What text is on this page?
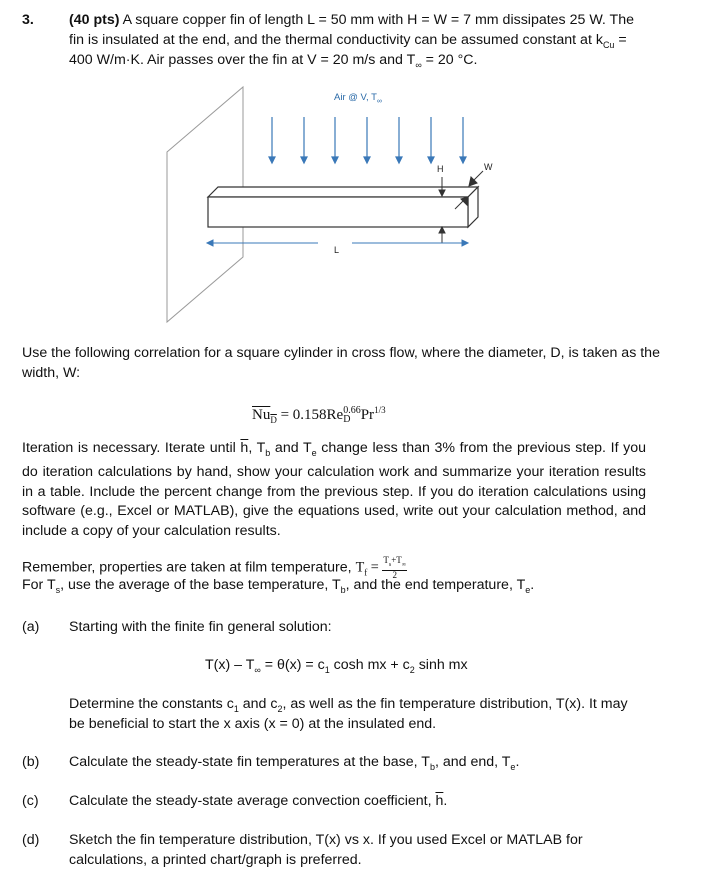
3. (40 pts) A square copper fin of length L = 50 mm with H = W = 7 mm dissipates 25 W. The
fin is insulated at the end, and the thermal conductivity can be assumed constant at $k_{Cu}$ =
400 W/m·K. Air passes over the fin at V = 20 m/s and $T_\infty = 20$ °C.
Air @ V, $T_\infty$
H	W
L
Use the following correlation for a square cylinder in cross flow, where the diameter, D, is taken as the width, W:
$Nu_D = 0.158Re$ 0.66
D $Pr^{1/3}$
Iteration is necessary. Iterate until $\overline{h}$, $T_b$ and $T_e$ change less than 3% from the previous step. If you do iteration calculations by hand, show your calculation work and summarize your iteration results in a table. Include the percent change from the previous step. If you do iteration calculations using software (e.g., Excel or MATLAB), give the equations used, write out your calculation method, and include a copy of your calculation results.
Remember, properties are taken at film temperature, $T_f = \frac{T_s+T_\infty}{2}$
For $T_s$, use the average of the base temperature, $T_b$, and the end temperature, $T_e$.
(a) Starting with the finite fin general solution:
$T(x) - T_\infty = \theta(x) = c_1$ cosh mx + $c_2$ sinh mx
Determine the constants $c_1$ and $c_2$, as well as the fin temperature distribution, T(x). It may
be beneficial to start the x axis (x = 0) at the insulated end.
(b) Calculate the steady-state fin temperatures at the base, $T_b$, and end, $T_e$.
(c) Calculate the steady-state average convection coefficient, $\overline{h}$.
(d) Sketch the fin temperature distribution, T(x) vs x. If you used Excel or MATLAB for
calculations, a printed chart/graph is preferred.
